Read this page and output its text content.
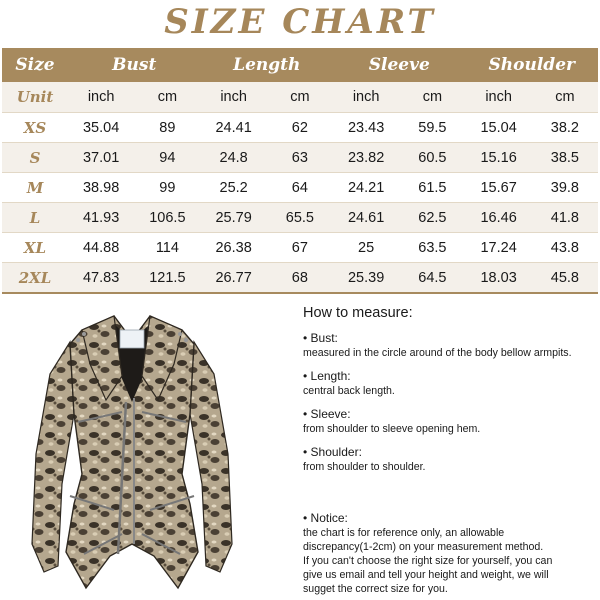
SIZE CHART
Size	Bust		Length		Sleeve		Shoulder	
Unit	inch	cm	inch	cm	inch	cm	inch	cm
XS	35.04	89	24.41	62	23.43	59.5	15.04	38.2
S	37.01	94	24.8	63	23.82	60.5	15.16	38.5
M	38.98	99	25.2	64	24.21	61.5	15.67	39.8
L	41.93	106.5	25.79	65.5	24.61	62.5	16.46	41.8
XL	44.88	114	26.38	67	25	63.5	17.24	43.8
2XL	47.83	121.5	26.77	68	25.39	64.5	18.03	45.8
How to measure:
• Bust:
measured in the circle around of the body bellow armpits.
• Length:
central back length.
• Sleeve:
from shoulder to sleeve opening hem.
• Shoulder:
from shoulder to shoulder.
• Notice:
the chart is for reference only, an allowable
discrepancy(1-2cm) on your measurement method.
If you can't choose the right size for yourself, you can
give us email and tell your height and weight, we will
sugget the correct size for you.
